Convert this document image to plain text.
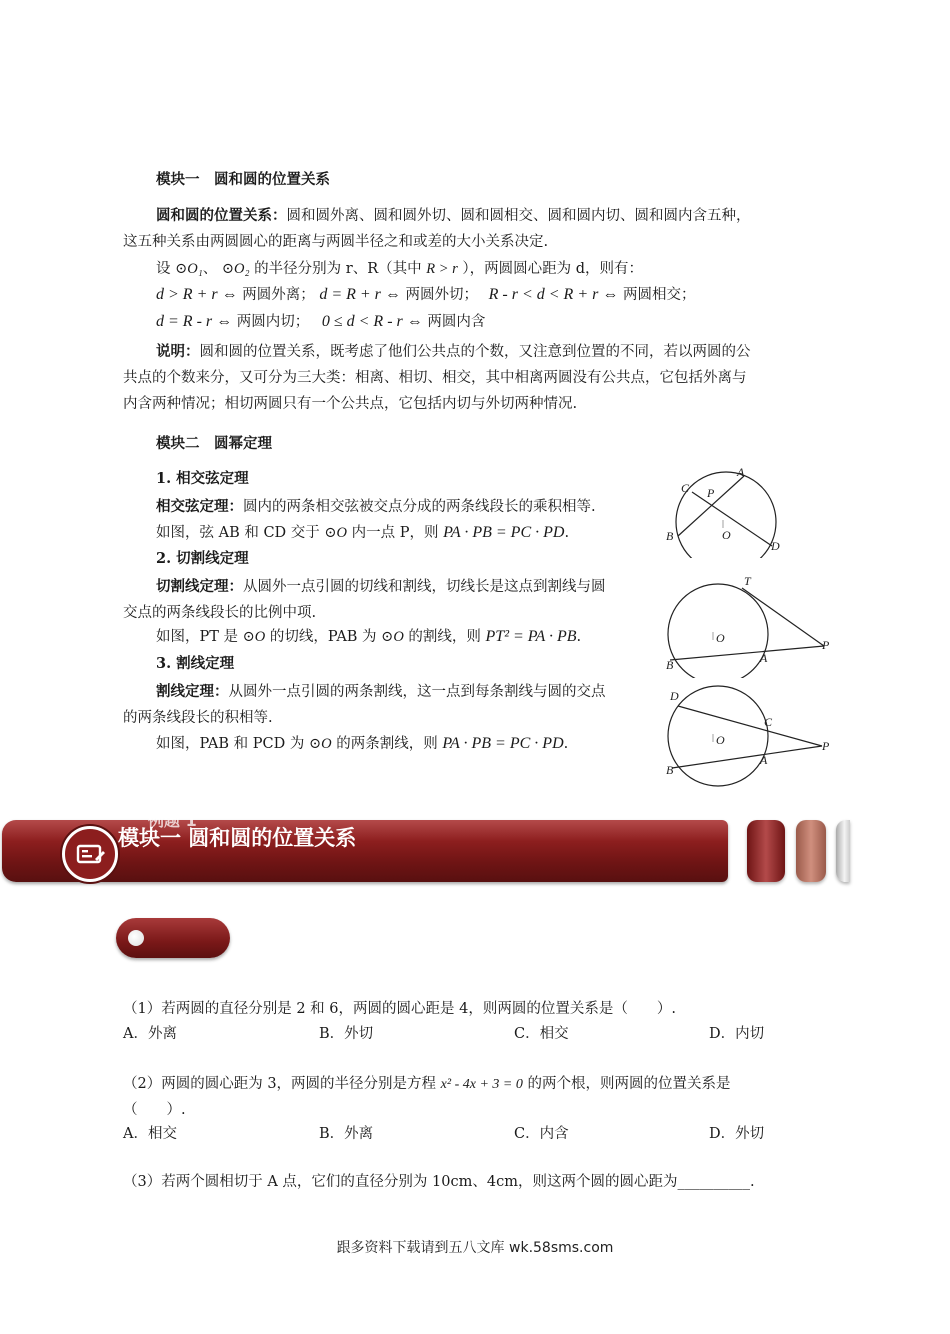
模块一　圆和圆的位置关系
圆和圆的位置关系：圆和圆外离、圆和圆外切、圆和圆相交、圆和圆内切、圆和圆内含五种，
这五种关系由两圆圆心的距离与两圆半径之和或差的大小关系决定.
设 ⊙O₁、 ⊙O₂ 的半径分别为 r、R（其中 R > r ），两圆圆心距为 d，则有：
d > R + r ⇔ 两圆外离； d = R + r ⇔ 两圆外切； R - r < d < R + r ⇔ 两圆相交；
d = R - r ⇔ 两圆内切； 0 ≤ d < R - r ⇔ 两圆内含
说明：圆和圆的位置关系，既考虑了他们公共点的个数，又注意到位置的不同，若以两圆的公
共点的个数来分，又可分为三大类：相离、相切、相交，其中相离两圆没有公共点，它包括外离与
内含两种情况；相切两圆只有一个公共点，它包括内切与外切两种情况.
模块二　圆幂定理
1. 相交弦定理
相交弦定理：圆内的两条相交弦被交点分成的两条线段长的乘积相等.
如图，弦 AB 和 CD 交于 ⊙O 内一点 P，则 PA · PB = PC · PD.
2. 切割线定理
切割线定理：从圆外一点引圆的切线和割线，切线长是这点到割线与圆
交点的两条线段长的比例中项.
如图，PT 是 ⊙O 的切线，PAB 为 ⊙O 的割线，则 PT² = PA · PB.
3. 割线定理
割线定理：从圆外一点引圆的两条割线，这一点到每条割线与圆的交点
的两条线段长的积相等.
如图，PAB 和 PCD 为 ⊙O 的两条割线，则 PA · PB = PC · PD.
A
C P
B	O
D
T
O	P
A
B
D
C
O	P
A
B
例题 1
模块一 圆和圆的位置关系
（1）若两圆的直径分别是 2 和 6，两圆的圆心距是 4，则两圆的位置关系是（　　）.
A．外离	B．外切	C．相交	D．内切
（2）两圆的圆心距为 3，两圆的半径分别是方程 x² - 4x + 3 = 0 的两个根，则两圆的位置关系是
（　　）.
A．相交	B．外离	C．内含	D．外切
（3）若两个圆相切于 A 点，它们的直径分别为 10cm、4cm，则这两个圆的圆心距为__________.
跟多资料下载请到五八文库 wk.58sms.com
